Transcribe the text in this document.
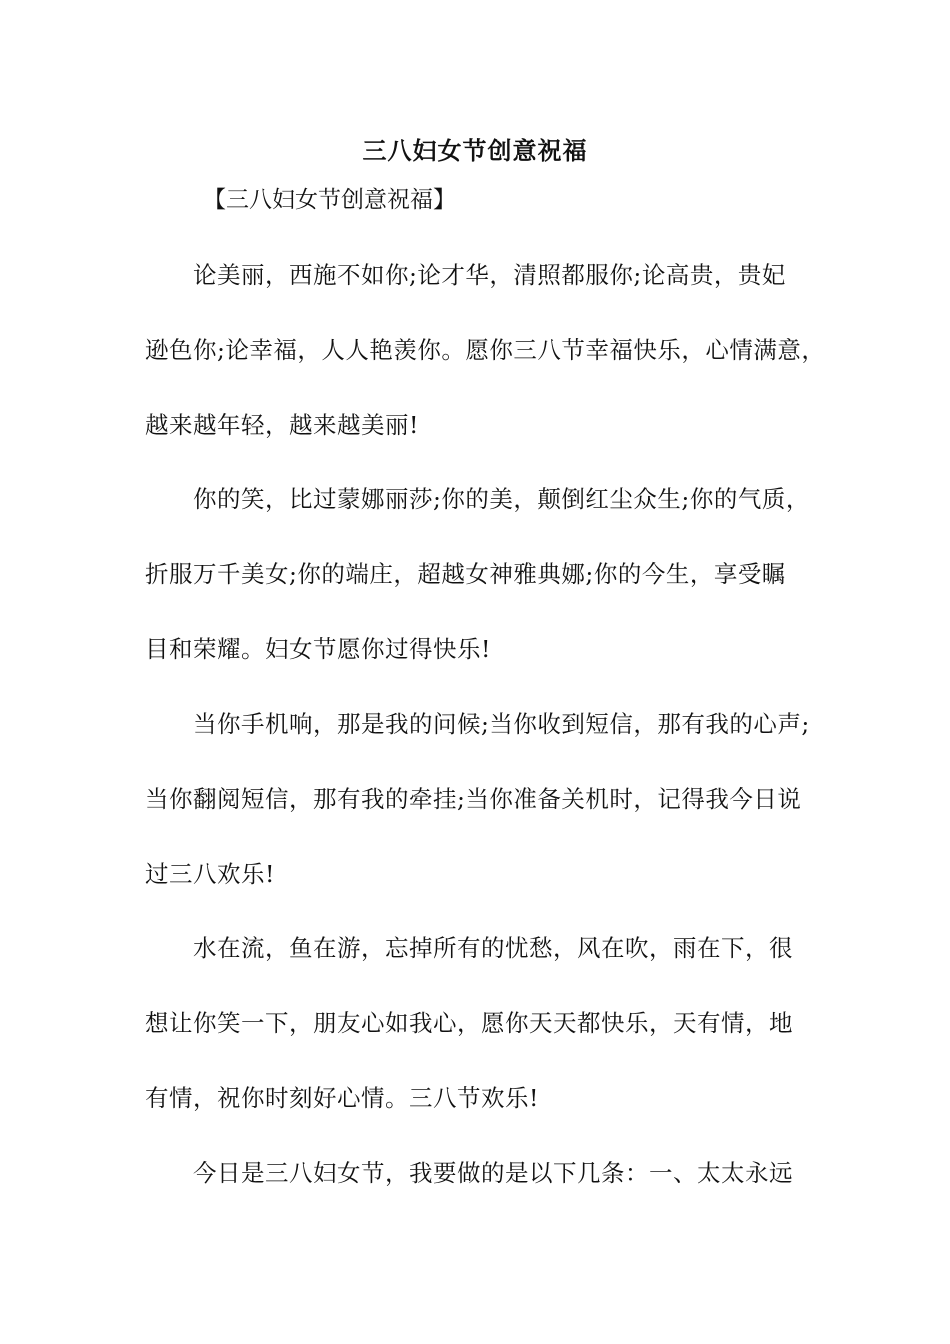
三八妇女节创意祝福
【三八妇女节创意祝福】
论美丽，西施不如你;论才华，清照都服你;论高贵，贵妃
逊色你;论幸福，人人艳羡你。愿你三八节幸福快乐，心情满意，
越来越年轻，越来越美丽!
你的笑，比过蒙娜丽莎;你的美，颠倒红尘众生;你的气质，
折服万千美女;你的端庄，超越女神雅典娜;你的今生，享受瞩
目和荣耀。妇女节愿你过得快乐!
当你手机响，那是我的问候;当你收到短信，那有我的心声;
当你翻阅短信，那有我的牵挂;当你准备关机时，记得我今日说
过三八欢乐!
水在流，鱼在游，忘掉所有的忧愁，风在吹，雨在下，很
想让你笑一下，朋友心如我心，愿你天天都快乐，天有情，地
有情，祝你时刻好心情。三八节欢乐!
今日是三八妇女节，我要做的是以下几条：一、太太永远
